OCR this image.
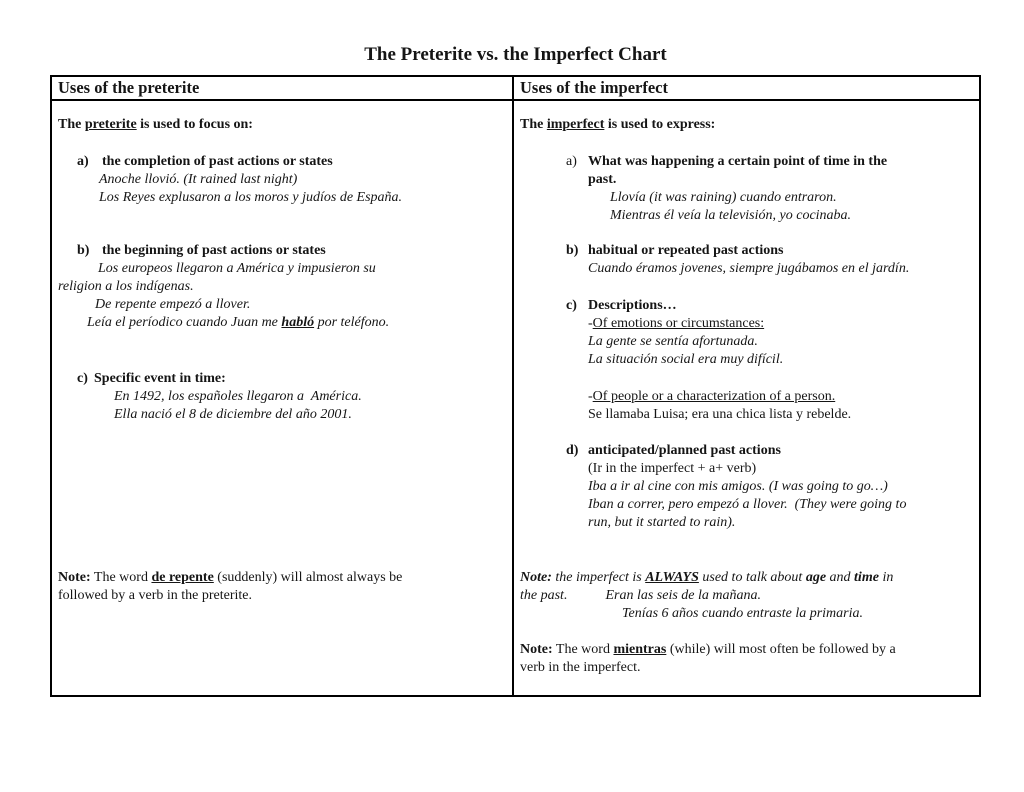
The Preterite vs. the Imperfect Chart
Uses of the preterite	Uses of the imperfect

The preterite is used to focus on:

a) the completion of past actions or states
Anoche llovió. (It rained last night)
Los Reyes explusaron a los moros y judíos de España.
b) the beginning of past actions or states
Los europeos llegaron a América y impusieron su
religion a los indígenas.
De repente empezó a llover.
Leía el períodico cuando Juan me habló por teléfono.
c) Specific event in time:
En 1492, los españoles llegaron a  América.
Ella nació el 8 de diciembre del año 2001.
Note: The word de repente (suddenly) will almost always be
followed by a verb in the preterite.

The imperfect is used to express:

a) What was happening a certain point of time in the
past.
Llovía (it was raining) cuando entraron.
Mientras él veía la televisión, yo cocinaba.
b) habitual or repeated past actions
Cuando éramos jovenes, siempre jugábamos en el jardín.
c) Descriptions…
-Of emotions or circumstances:
La gente se sentía afortunada.
La situación social era muy difícil.
-Of people or a characterization of a person.
Se llamaba Luisa; era una chica lista y rebelde.
d) anticipated/planned past actions
(Ir in the imperfect + a+ verb)
Iba a ir al cine con mis amigos. (I was going to go…)
Iban a correr, pero empezó a llover.  (They were going to
run, but it started to rain).
Note: the imperfect is ALWAYS used to talk about age and time in
the past.	Eran las seis de la mañana.
Tenías 6 años cuando entraste la primaria.
Note: The word mientras (while) will most often be followed by a
verb in the imperfect.
